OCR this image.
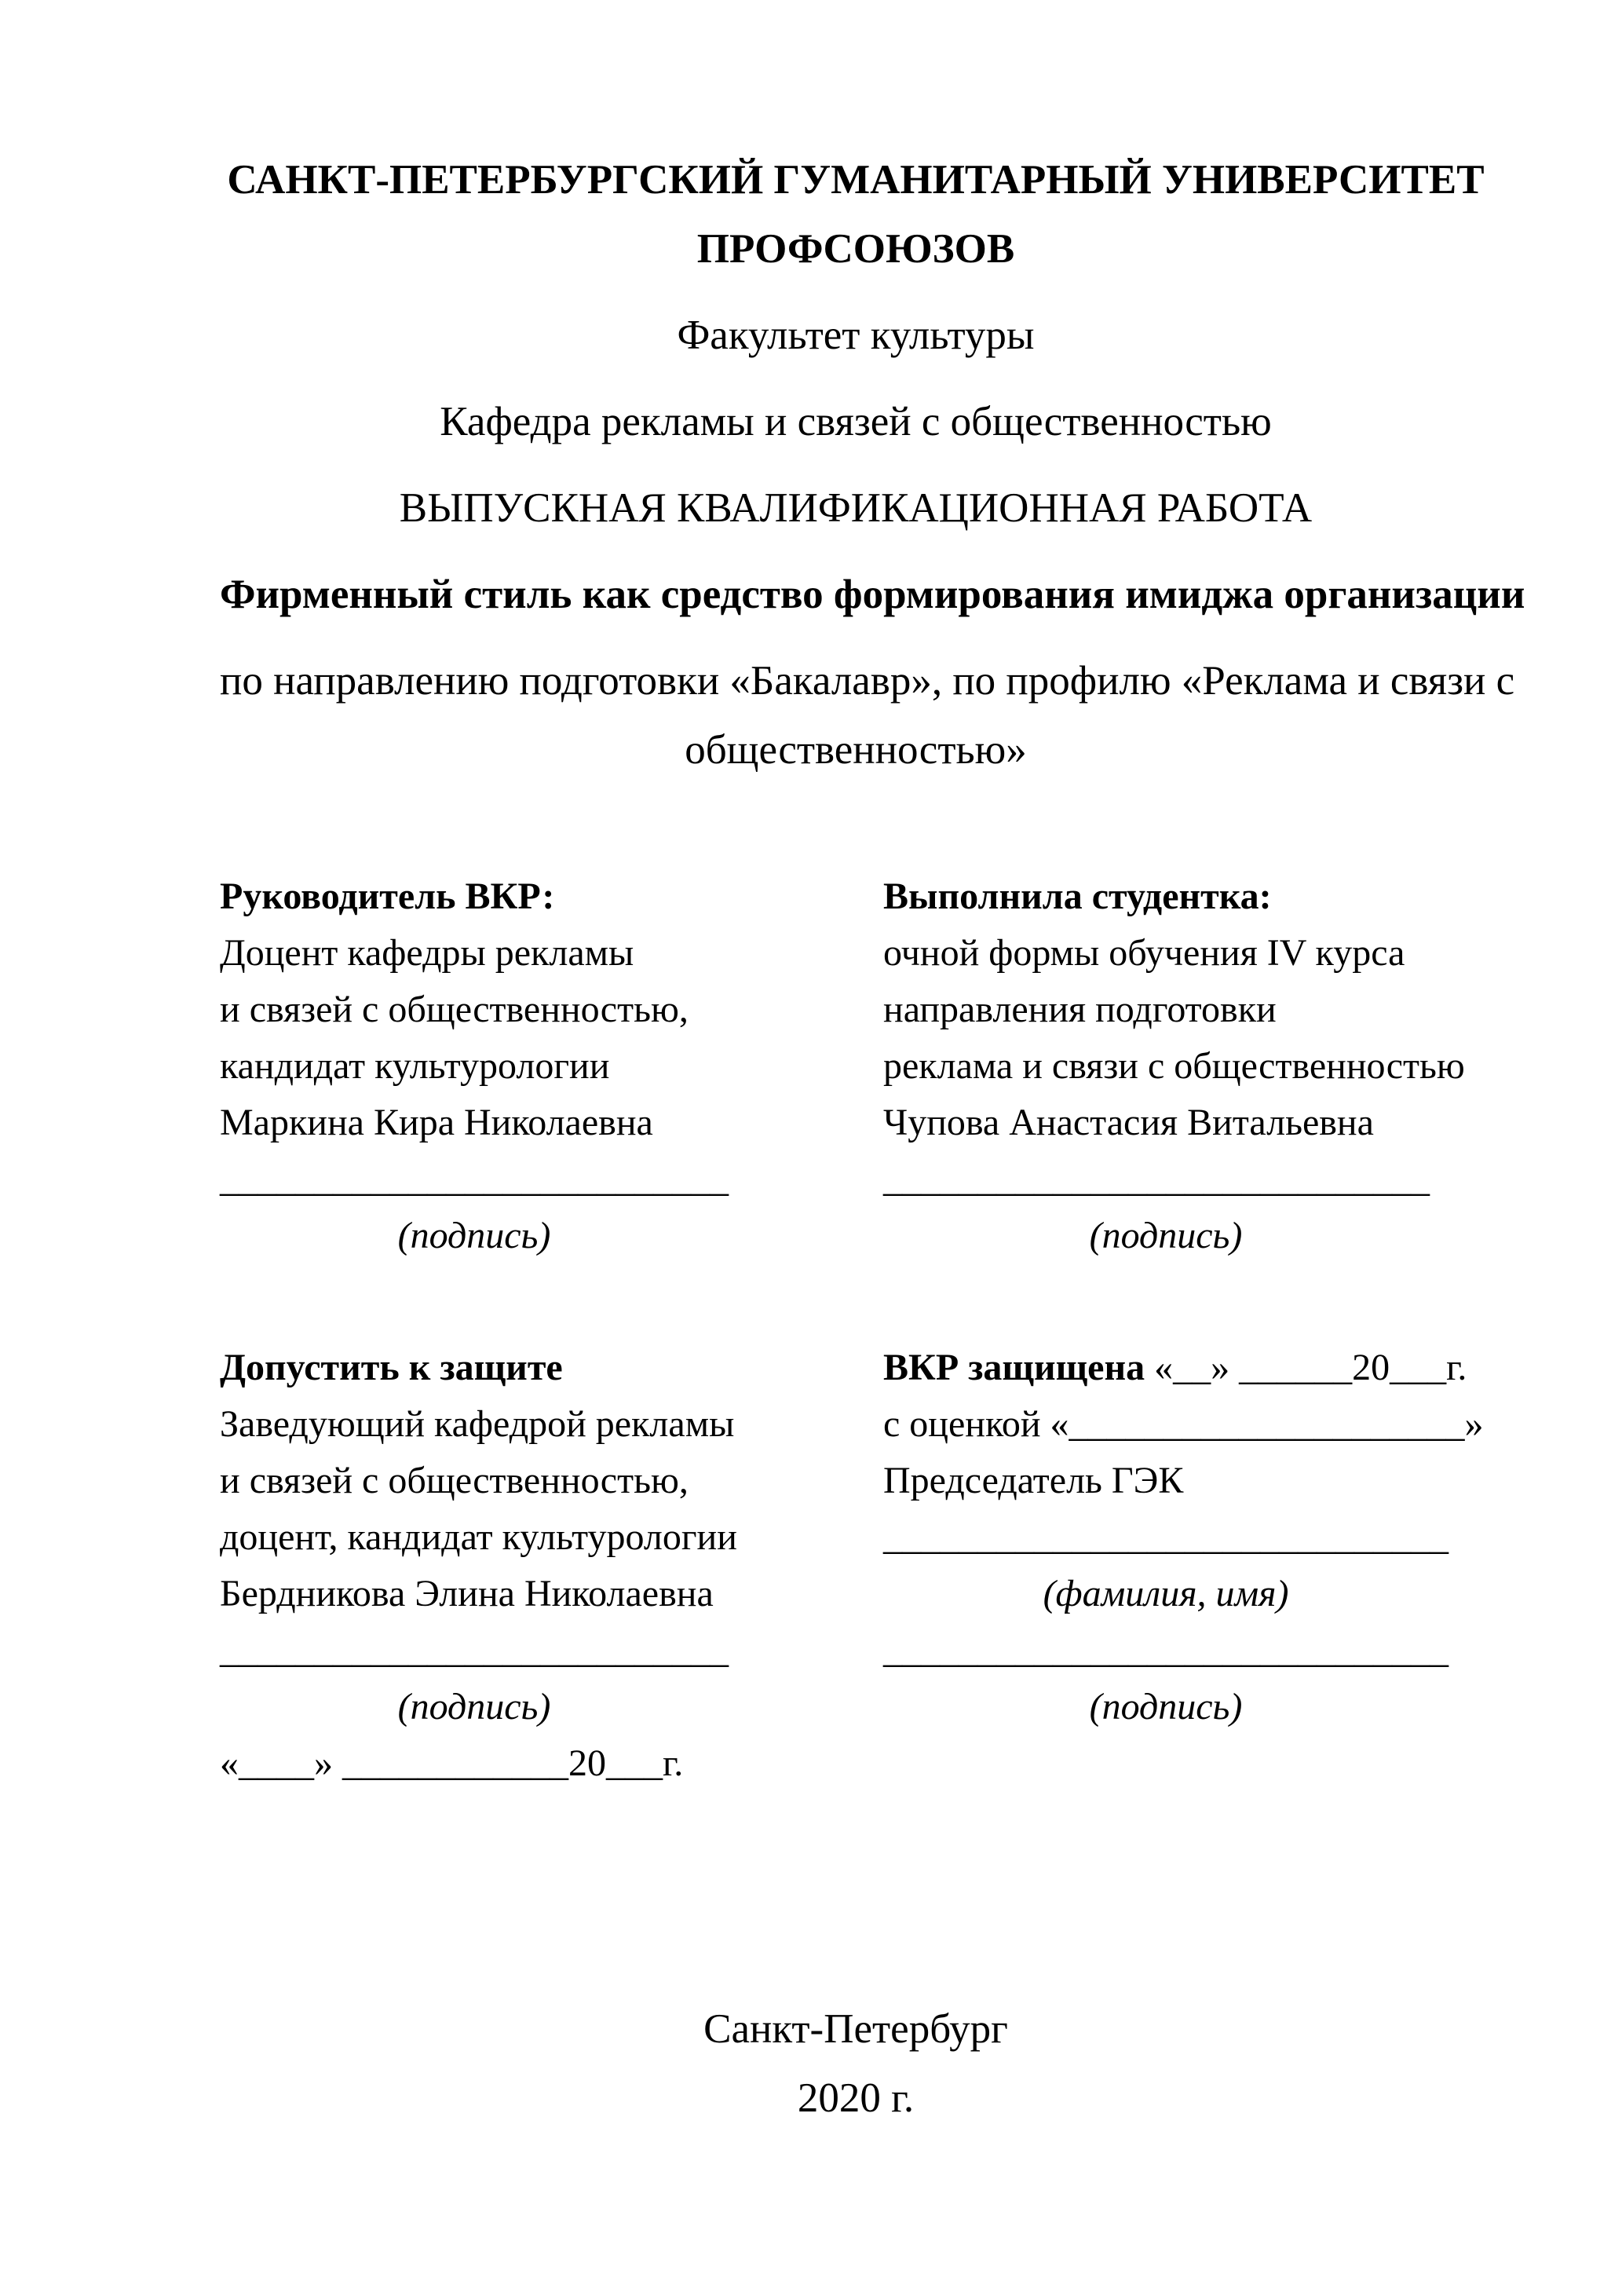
САНКТ-ПЕТЕРБУРГСКИЙ ГУМАНИТАРНЫЙ УНИВЕРСИТЕТ
ПРОФСОЮЗОВ
Факультет культуры
Кафедра рекламы и связей с общественностью
ВЫПУСКНАЯ КВАЛИФИКАЦИОННАЯ РАБОТА
Фирменный стиль как средство формирования имиджа организации
по направлению подготовки «Бакалавр», по профилю «Реклама и связи с
общественностью»
Руководитель ВКР:
Доцент кафедры рекламы
и связей с общественностью,
кандидат культурологии
Маркина Кира Николаевна
___________________________
(подпись)
Выполнила студентка:
очной формы обучения IV курса
направления подготовки
реклама и связи с общественностью
Чупова Анастасия Витальевна
_____________________________
(подпись)
Допустить к защите
Заведующий кафедрой рекламы
и связей с общественностью,
доцент, кандидат культурологии
Бердникова Элина Николаевна
___________________________
(подпись)
«____» ____________20___г.
ВКР защищена «__» ______20___г.
с оценкой «_____________________»
Председатель ГЭК
______________________________
(фамилия, имя)
______________________________
(подпись)
Санкт-Петербург
2020 г.
